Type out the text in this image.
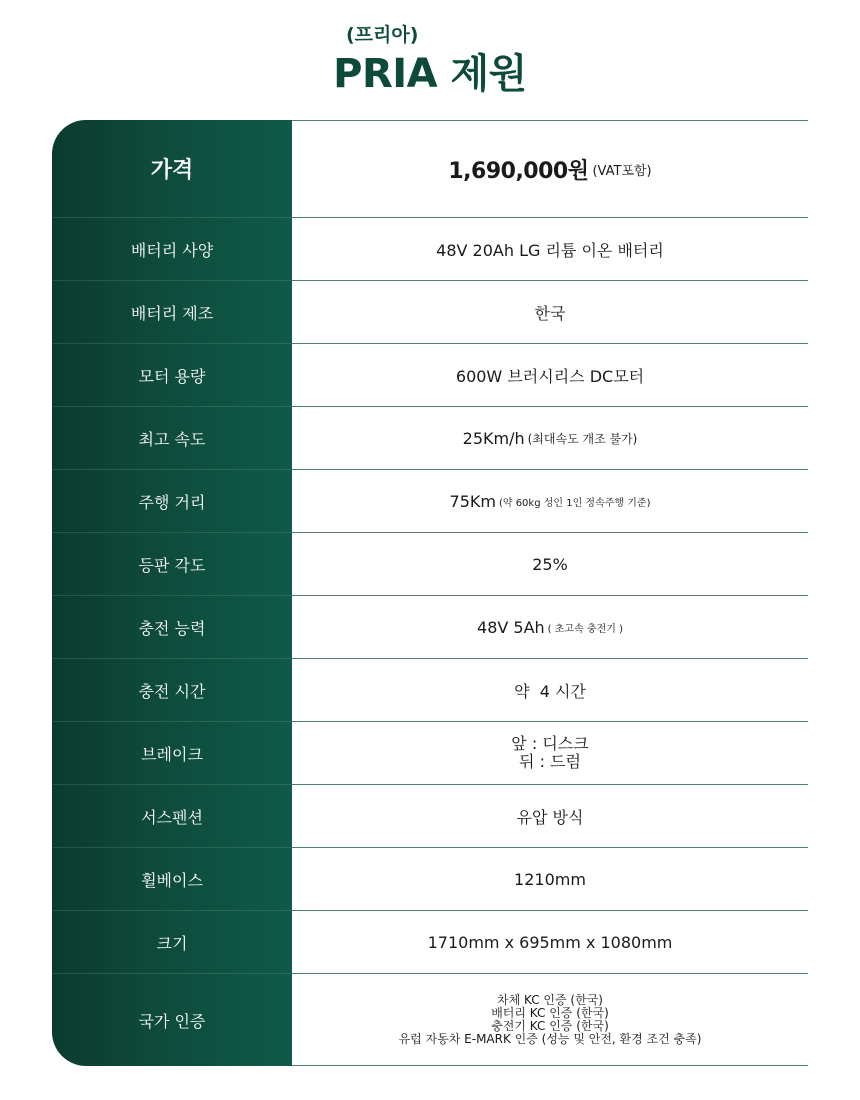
(프리아)
PRIA 제원
가격
배터리 사양
배터리 제조
모터 용량
최고 속도
주행 거리
등판 각도
충전 능력
충전 시간
브레이크
서스펜션
휠베이스
크기
국가 인증
1,690,000원 (VAT포함)
48V 20Ah LG 리튬 이온 배터리
한국
600W 브러시리스 DC모터
25Km/h (최대속도 개조 불가)
75Km (약 60kg 성인 1인 정속주행 기준)
25%
48V 5Ah ( 초고속 충전기 )
약  4 시간
앞 : 디스크
뒤 : 드럼
유압 방식
1210mm
1710mm x 695mm x 1080mm
차체 KC 인증 (한국)
배터리 KC 인증 (한국)
충전기 KC 인증 (한국)
유럽 자동차 E-MARK 인증 (성능 및 안전, 환경 조건 충족)
